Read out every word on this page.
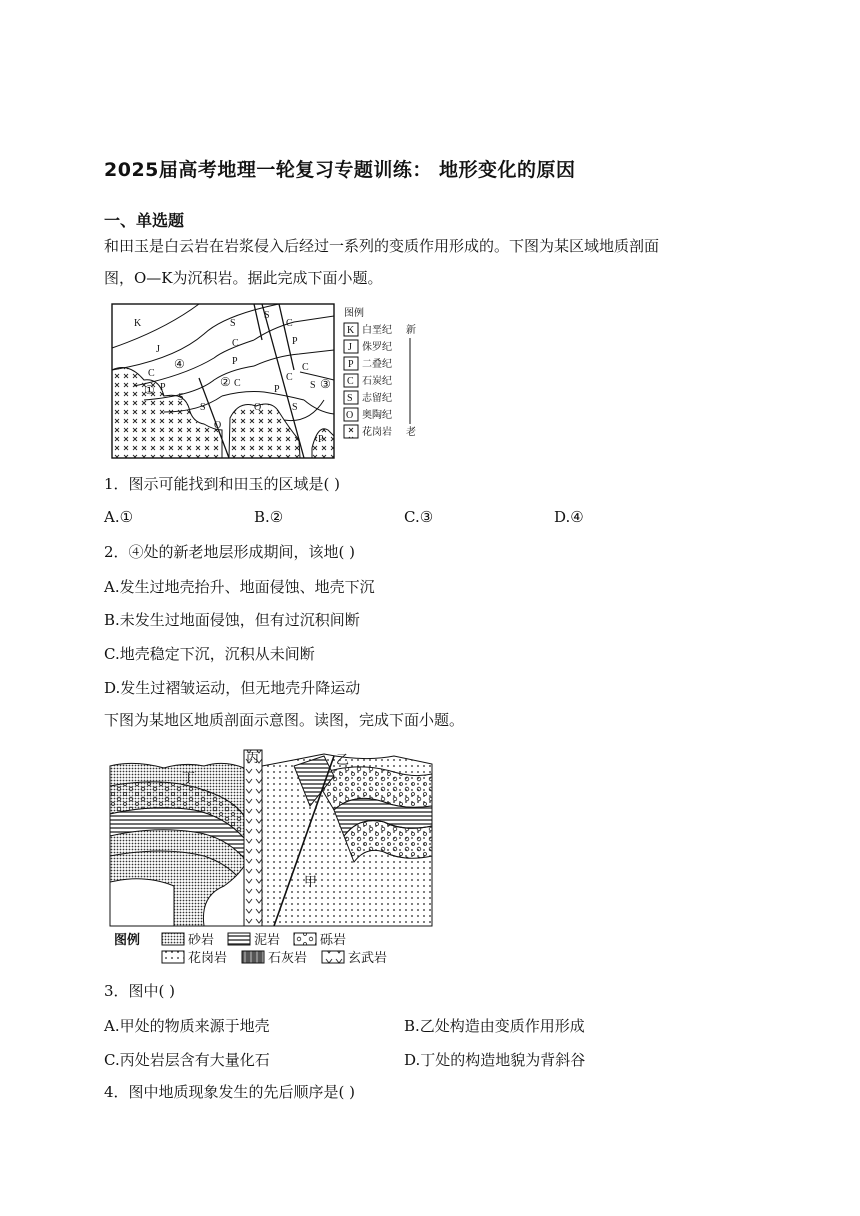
2025届高考地理一轮复习专题训练： 地形变化的原因
一、单选题
和田玉是白云岩在岩浆侵入后经过一系列的变质作用形成的。下图为某区域地质剖面
图，O—K为沉积岩。据此完成下面小题。
K
J
C
P
S
①
S
C
P
C
S
O
②
S
C
P
S
C
P
C
P
S
③
④
O
图例
K 白垩纪
J 侏罗纪
P 二叠纪
C 石炭纪
S 志留纪
O 奥陶纪
花岗岩
新
老
1．图示可能找到和田玉的区域是( )
A.①	B.②	C.③	D.④
2．④处的新老地层形成期间，该地( )
A.发生过地壳抬升、地面侵蚀、地壳下沉
B.未发生过地面侵蚀，但有过沉积间断
C.地壳稳定下沉，沉积从未间断
D.发生过褶皱运动，但无地壳升降运动
下图为某地区地质剖面示意图。读图，完成下面小题。
丙	乙
丁
甲
图例	砂岩	泥岩	砾岩
花岗岩	石灰岩	玄武岩
3．图中( )
A.甲处的物质来源于地壳	B.乙处构造由变质作用形成
C.丙处岩层含有大量化石	D.丁处的构造地貌为背斜谷
4．图中地质现象发生的先后顺序是( )
